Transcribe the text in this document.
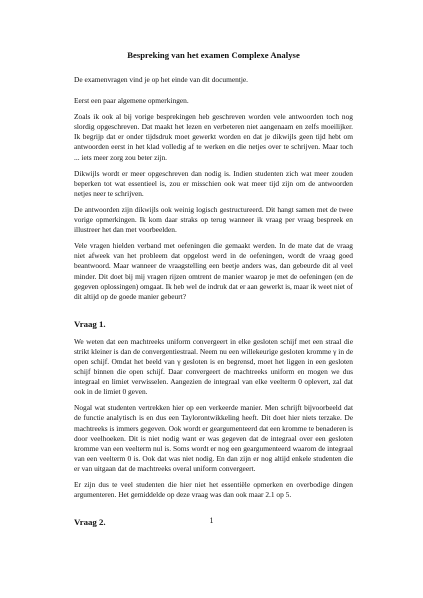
Bespreking van het examen Complexe Analyse

De examenvragen vind je op het einde van dit documentje.

Eerst een paar algemene opmerkingen.

Zoals ik ook al bij vorige besprekingen heb geschreven worden vele antwoorden toch nog slordig opgeschreven. Dat maakt het lezen en verbeteren niet aangenaam en zelfs moeilijker. Ik begrijp dat er onder tijdsdruk moet gewerkt worden en dat je dikwijls geen tijd hebt om antwoorden eerst in het klad volledig af te werken en die netjes over te schrijven. Maar toch ... iets meer zorg zou beter zijn.

Dikwijls wordt er meer opgeschreven dan nodig is. Indien studenten zich wat meer zouden beperken tot wat essentieel is, zou er misschien ook wat meer tijd zijn om de antwoorden netjes neer te schrijven.

De antwoorden zijn dikwijls ook weinig logisch gestructureerd. Dit hangt samen met de twee vorige opmerkingen. Ik kom daar straks op terug wanneer ik vraag per vraag bespreek en illustreer het dan met voorbeelden.

Vele vragen hielden verband met oefeningen die gemaakt werden. In de mate dat de vraag niet afweek van het probleem dat opgelost werd in de oefeningen, wordt de vraag goed beantwoord. Maar wanneer de vraagstelling een beetje anders was, dan gebeurde dit al veel minder. Dit doet bij mij vragen rijzen omtrent de manier waarop je met de oefeningen (en de gegeven oplossingen) omgaat. Ik heb wel de indruk dat er aan gewerkt is, maar ik weet niet of dit altijd op de goede manier gebeurt?

Vraag 1.

We weten dat een machtreeks uniform convergeert in elke gesloten schijf met een straal die strikt kleiner is dan de convergentiestraal. Neem nu een willekeurige gesloten kromme γ in de open schijf. Omdat het beeld van γ gesloten is en begrensd, moet het liggen in een gesloten schijf binnen die open schijf. Daar convergeert de machtreeks uniform en mogen we dus integraal en limiet verwisselen. Aangezien de integraal van elke veelterm 0 oplevert, zal dat ook in de limiet 0 geven.

Nogal wat studenten vertrekken hier op een verkeerde manier. Men schrijft bijvoorbeeld dat de functie analytisch is en dus een Taylorontwikkeling heeft. Dit doet hier niets terzake. De machtreeks is immers gegeven. Ook wordt er geargumenteerd dat een kromme te benaderen is door veelhoeken. Dit is niet nodig want er was gegeven dat de integraal over een gesloten kromme van een veelterm nul is. Soms wordt er nog een geargumenteerd waarom de integraal van een veelterm 0 is. Ook dat was niet nodig. En dan zijn er nog altijd enkele studenten die er van uitgaan dat de machtreeks overal uniform convergeert.

Er zijn dus te veel studenten die hier niet het essentiële opmerken en overbodige dingen argumenteren. Het gemiddelde op deze vraag was dan ook maar 2.1 op 5.

Vraag 2.	1
